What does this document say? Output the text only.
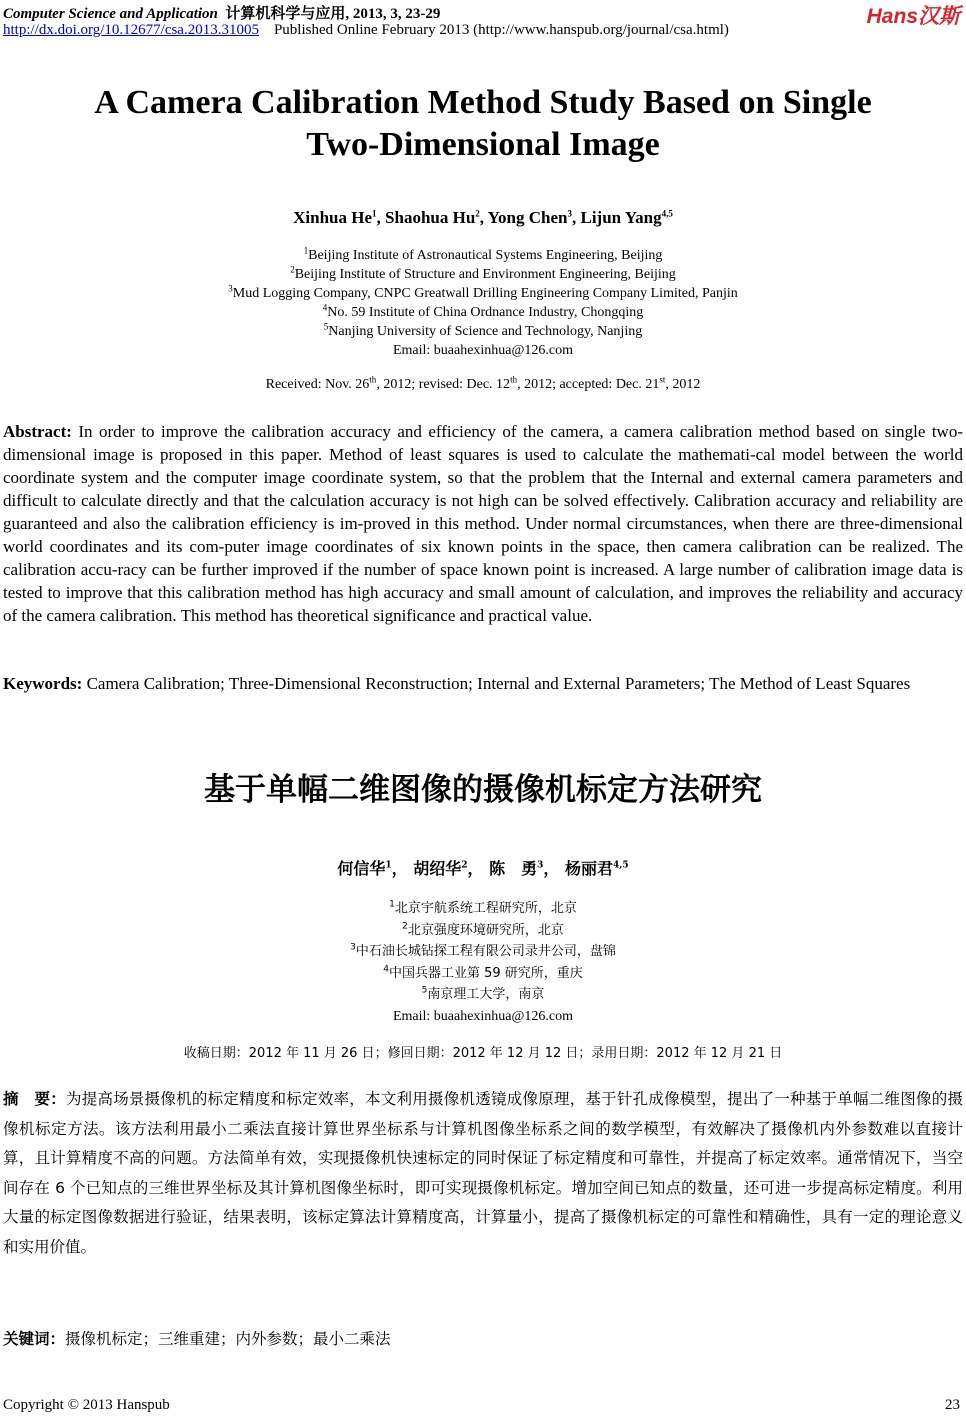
Computer Science and Application 计算机科学与应用, 2013, 3, 23-29	Hans汉斯
http://dx.doi.org/10.12677/csa.2013.31005 Published Online February 2013 (http://www.hanspub.org/journal/csa.html)
A Camera Calibration Method Study Based on Single
Two-Dimensional Image
Xinhua He$^1$, Shaohua Hu$^2$, Yong Chen$^3$, Lijun Yang$^{4,5}$
$^1$Beijing Institute of Astronautical Systems Engineering, Beijing
$^2$Beijing Institute of Structure and Environment Engineering, Beijing
$^3$Mud Logging Company, CNPC Greatwall Drilling Engineering Company Limited, Panjin
$^4$No. 59 Institute of China Ordnance Industry, Chongqing
$^5$Nanjing University of Science and Technology, Nanjing
Email: buaahexinhua@126.com
Received: Nov. 26th, 2012; revised: Dec. 12th, 2012; accepted: Dec. 21st, 2012
Abstract: In order to improve the calibration accuracy and efficiency of the camera, a camera calibration method based on single two-dimensional image is proposed in this paper. Method of least squares is used to calculate the mathemati-cal model between the world coordinate system and the computer image coordinate system, so that the problem that the Internal and external camera parameters and difficult to calculate directly and that the calculation accuracy is not high can be solved effectively. Calibration accuracy and reliability are guaranteed and also the calibration efficiency is im-proved in this method. Under normal circumstances, when there are three-dimensional world coordinates and its com-puter image coordinates of six known points in the space, then camera calibration can be realized. The calibration accu-racy can be further improved if the number of space known point is increased. A large number of calibration image data is tested to improve that this calibration method has high accuracy and small amount of calculation, and improves the reliability and accuracy of the camera calibration. This method has theoretical significance and practical value.
Keywords: Camera Calibration; Three-Dimensional Reconstruction; Internal and External Parameters; The Method of Least Squares
基于单幅二维图像的摄像机标定方法研究
何信华$^1$， 胡绍华$^2$， 陈　勇$^3$， 杨丽君$^{4,5}$
$^1$北京宇航系统工程研究所，北京
$^2$北京强度环境研究所，北京
$^3$中石油长城钻探工程有限公司录井公司，盘锦
$^4$中国兵器工业第 59 研究所，重庆
$^5$南京理工大学，南京
Email: buaahexinhua@126.com
收稿日期：2012 年 11 月 26 日；修回日期：2012 年 12 月 12 日；录用日期：2012 年 12 月 21 日
摘　要：为提高场景摄像机的标定精度和标定效率，本文利用摄像机透镜成像原理，基于针孔成像模型，提出了一种基于单幅二维图像的摄像机标定方法。该方法利用最小二乘法直接计算世界坐标系与计算机图像坐标系之间的数学模型，有效解决了摄像机内外参数难以直接计算，且计算精度不高的问题。方法简单有效，实现摄像机快速标定的同时保证了标定精度和可靠性，并提高了标定效率。通常情况下，当空间存在 6 个已知点的三维世界坐标及其计算机图像坐标时，即可实现摄像机标定。增加空间已知点的数量，还可进一步提高标定精度。利用大量的标定图像数据进行验证，结果表明，该标定算法计算精度高，计算量小，提高了摄像机标定的可靠性和精确性，具有一定的理论意义和实用价值。
关键词：摄像机标定；三维重建；内外参数；最小二乘法
Copyright © 2013 Hanspub	23
